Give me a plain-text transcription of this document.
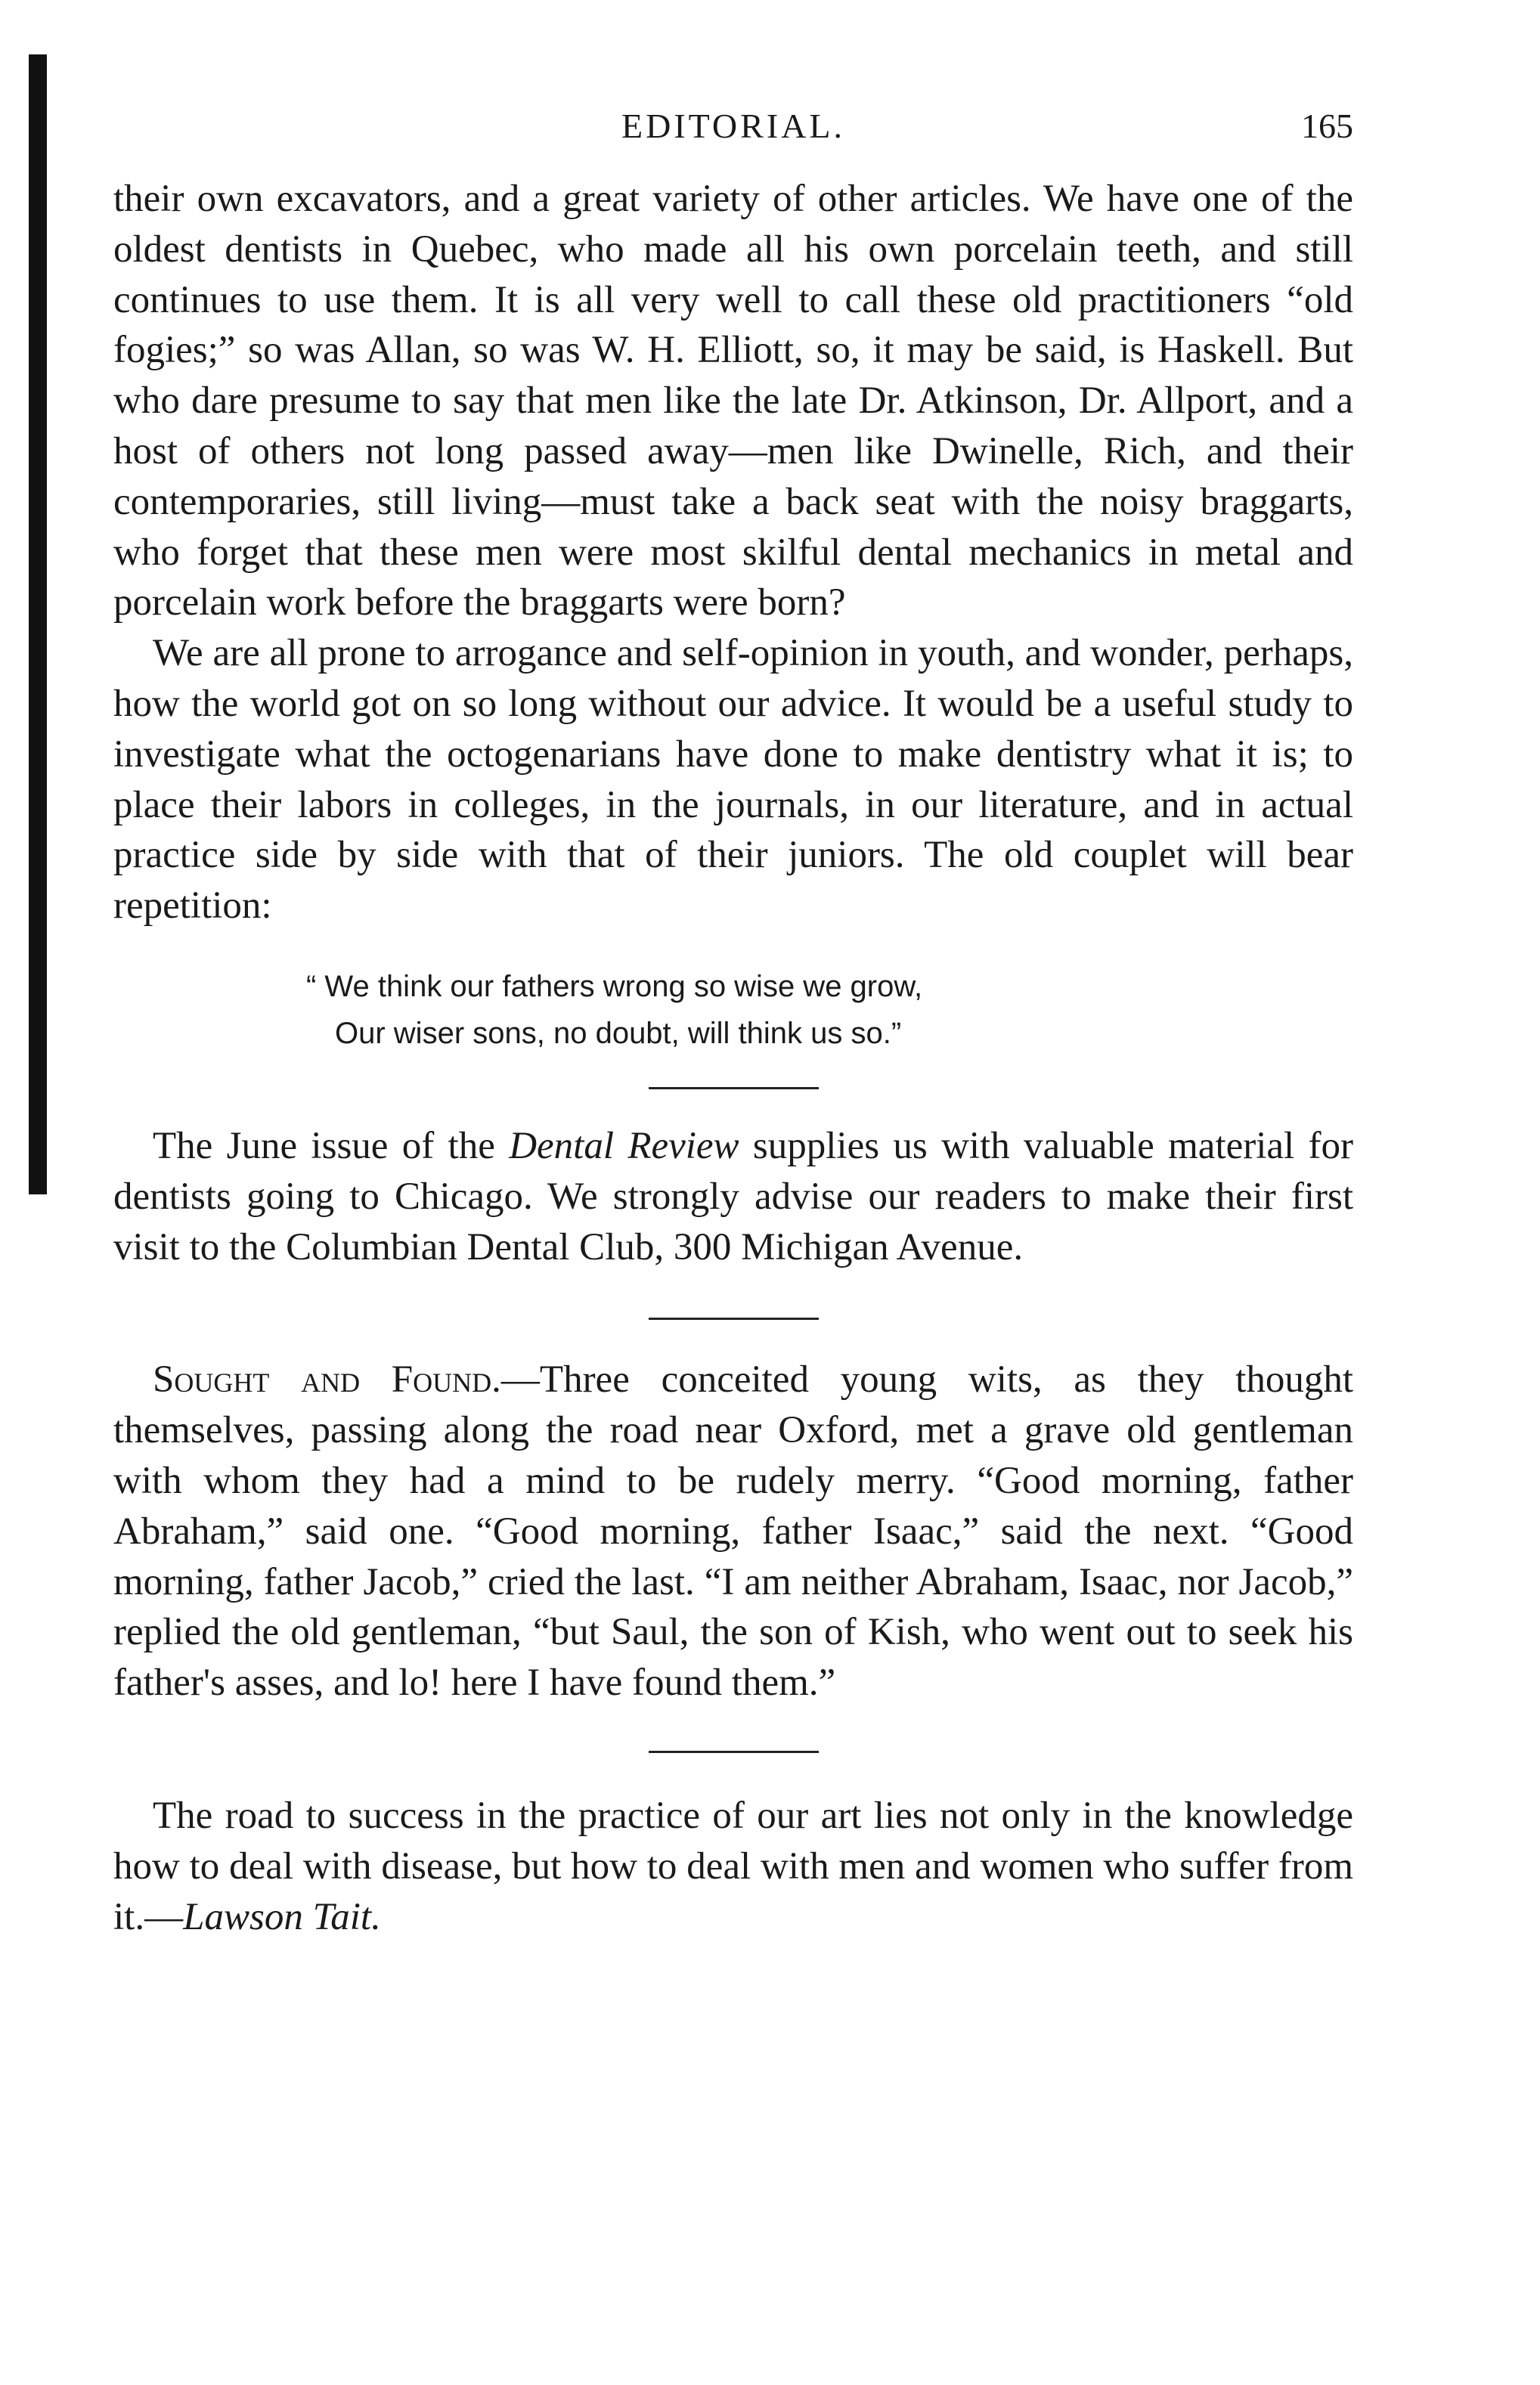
EDITORIAL.	165

their own excavators, and a great variety of other articles. We have one of the oldest dentists in Quebec, who made all his own porcelain teeth, and still continues to use them. It is all very well to call these old practitioners “old fogies;” so was Allan, so was W. H. Elliott, so, it may be said, is Haskell. But who dare presume to say that men like the late Dr. Atkinson, Dr. Allport, and a host of others not long passed away—men like Dwinelle, Rich, and their contemporaries, still living—must take a back seat with the noisy braggarts, who forget that these men were most skilful dental mechanics in metal and porcelain work before the braggarts were born?

We are all prone to arrogance and self-opinion in youth, and wonder, perhaps, how the world got on so long without our advice. It would be a useful study to investigate what the octogenarians have done to make dentistry what it is; to place their labors in colleges, in the journals, in our literature, and in actual practice side by side with that of their juniors. The old couplet will bear repetition:

“ We think our fathers wrong so wise we grow,
Our wiser sons, no doubt, will think us so.”

The June issue of the Dental Review supplies us with valuable material for dentists going to Chicago. We strongly advise our readers to make their first visit to the Columbian Dental Club, 300 Michigan Avenue.

Sought and Found.—Three conceited young wits, as they thought themselves, passing along the road near Oxford, met a grave old gentleman with whom they had a mind to be rudely merry. “Good morning, father Abraham,” said one. “Good morning, father Isaac,” said the next. “Good morning, father Jacob,” cried the last. “I am neither Abraham, Isaac, nor Jacob,” replied the old gentleman, “but Saul, the son of Kish, who went out to seek his father's asses, and lo! here I have found them.”

The road to success in the practice of our art lies not only in the knowledge how to deal with disease, but how to deal with men and women who suffer from it.—Lawson Tait.
